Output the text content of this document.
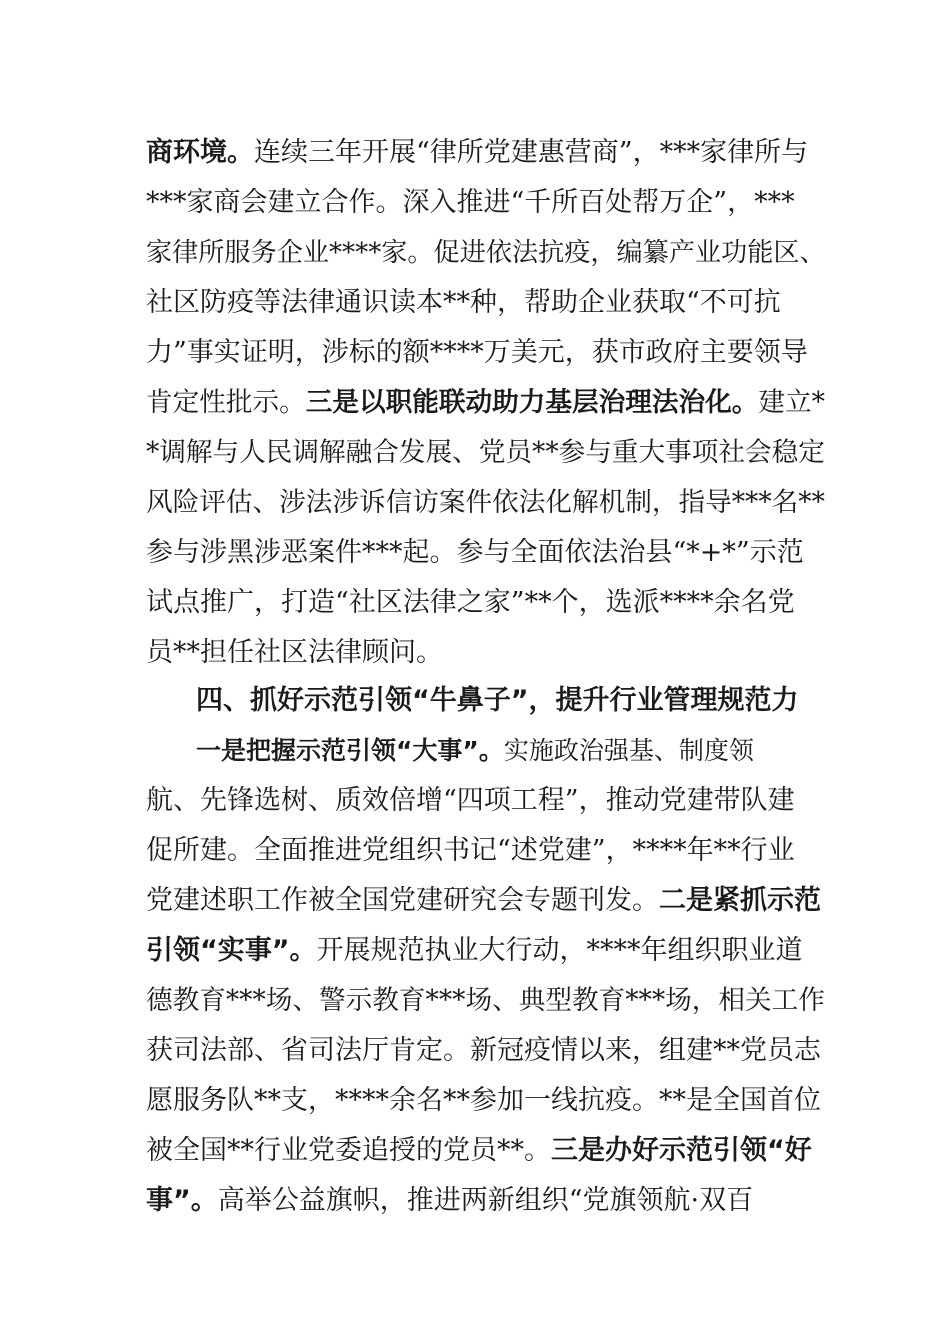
商环境。连续三年开展“律所党建惠营商”，***家律所与
***家商会建立合作。深入推进“千所百处帮万企”，***
家律所服务企业****家。促进依法抗疫，编纂产业功能区、
社区防疫等法律通识读本**种，帮助企业获取“不可抗
力”事实证明，涉标的额****万美元，获市政府主要领导
肯定性批示。三是以职能联动助力基层治理法治化。建立*
*调解与人民调解融合发展、党员**参与重大事项社会稳定
风险评估、涉法涉诉信访案件依法化解机制，指导***名**
参与涉黑涉恶案件***起。参与全面依法治县“*+*”示范
试点推广，打造“社区法律之家”**个，选派****余名党
员**担任社区法律顾问。
四、抓好示范引领“牛鼻子”，提升行业管理规范力
一是把握示范引领“大事”。实施政治强基、制度领
航、先锋选树、质效倍增“四项工程”，推动党建带队建
促所建。全面推进党组织书记“述党建”，****年**行业
党建述职工作被全国党建研究会专题刊发。二是紧抓示范
引领“实事”。开展规范执业大行动，****年组织职业道
德教育***场、警示教育***场、典型教育***场，相关工作
获司法部、省司法厅肯定。新冠疫情以来，组建**党员志
愿服务队**支，****余名**参加一线抗疫。**是全国首位
被全国**行业党委追授的党员**。三是办好示范引领“好
事”。高举公益旗帜，推进两新组织“党旗领航·双百
